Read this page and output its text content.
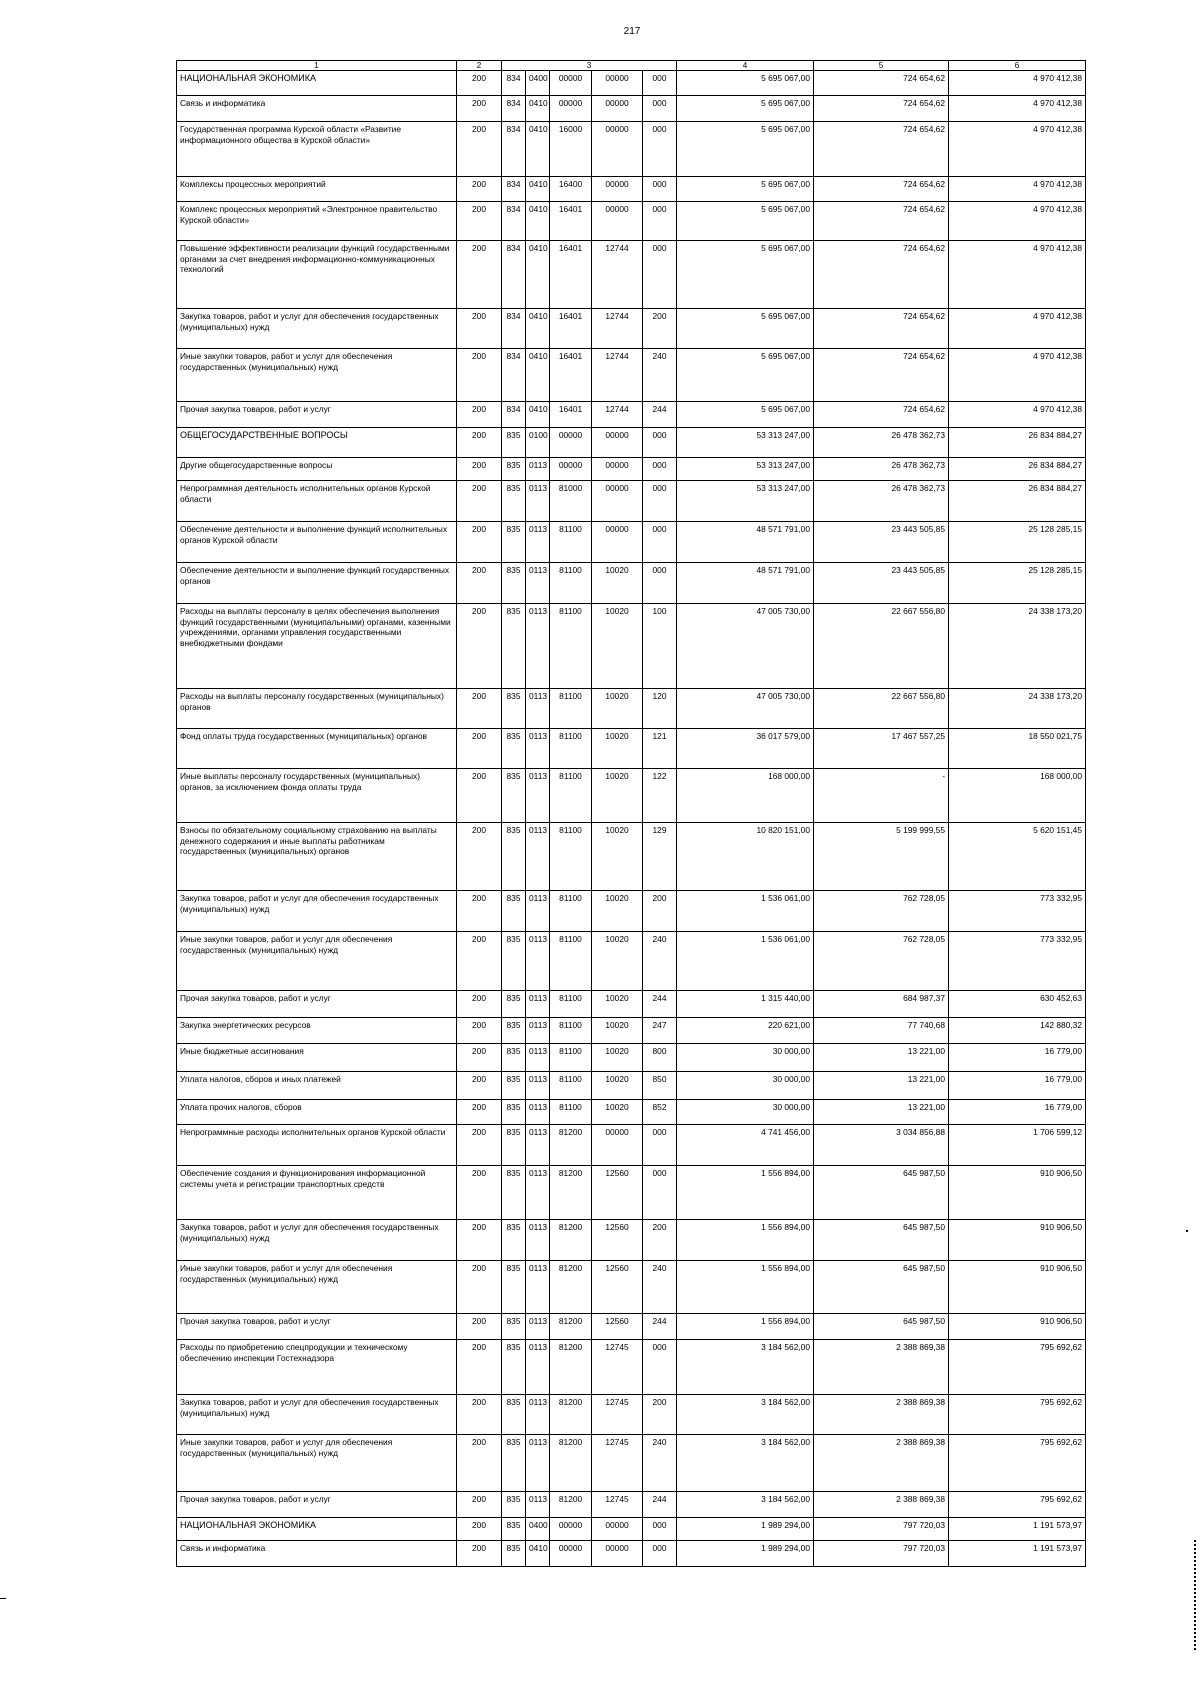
217
1	2	3					4	5	6
НАЦИОНАЛЬНАЯ ЭКОНОМИКА	200	834	0400	00000	00000	000	5 695 067,00	724 654,62	4 970 412,38
Связь и информатика	200	834	0410	00000	00000	000	5 695 067,00	724 654,62	4 970 412,38
Государственная программа Курской области «Развитие информационного общества в Курской области»	200	834	0410	16000	00000	000	5 695 067,00	724 654,62	4 970 412,38
Комплексы процессных мероприятий	200	834	0410	16400	00000	000	5 695 067,00	724 654,62	4 970 412,38
Комплекс процессных мероприятий «Электронное правительство Курской области»	200	834	0410	16401	00000	000	5 695 067,00	724 654,62	4 970 412,38
Повышение эффективности реализации функций государственными органами за счет внедрения информационно-коммуникационных технологий	200	834	0410	16401	12744	000	5 695 067,00	724 654,62	4 970 412,38
Закупка товаров, работ и услуг для обеспечения государственных (муниципальных) нужд	200	834	0410	16401	12744	200	5 695 067,00	724 654,62	4 970 412,38
Иные закупки товаров, работ и услуг для обеспечения государственных (муниципальных) нужд	200	834	0410	16401	12744	240	5 695 067,00	724 654,62	4 970 412,38
Прочая закупка товаров, работ и услуг	200	834	0410	16401	12744	244	5 695 067,00	724 654,62	4 970 412,38
ОБЩЕГОСУДАРСТВЕННЫЕ ВОПРОСЫ	200	835	0100	00000	00000	000	53 313 247,00	26 478 362,73	26 834 884,27
Другие общегосударственные вопросы	200	835	0113	00000	00000	000	53 313 247,00	26 478 362,73	26 834 884,27
Непрограммная деятельность исполнительных органов Курской области	200	835	0113	81000	00000	000	53 313 247,00	26 478 362,73	26 834 884,27
Обеспечение деятельности и выполнение функций исполнительных органов Курской области	200	835	0113	81100	00000	000	48 571 791,00	23 443 505,85	25 128 285,15
Обеспечение деятельности и выполнение функций государственных органов	200	835	0113	81100	10020	000	48 571 791,00	23 443 505,85	25 128 285,15
Расходы на выплаты персоналу в целях обеспечения выполнения функций государственными (муниципальными) органами, казенными учреждениями, органами управления государственными внебюджетными фондами	200	835	0113	81100	10020	100	47 005 730,00	22 667 556,80	24 338 173,20
Расходы на выплаты персоналу государственных (муниципальных) органов	200	835	0113	81100	10020	120	47 005 730,00	22 667 556,80	24 338 173,20
Фонд оплаты труда государственных (муниципальных) органов	200	835	0113	81100	10020	121	36 017 579,00	17 467 557,25	18 550 021,75
Иные выплаты персоналу государственных (муниципальных) органов, за исключением фонда оплаты труда	200	835	0113	81100	10020	122	168 000,00	-	168 000,00
Взносы по обязательному социальному страхованию на выплаты денежного содержания и иные выплаты работникам государственных (муниципальных) органов	200	835	0113	81100	10020	129	10 820 151,00	5 199 999,55	5 620 151,45
Закупка товаров, работ и услуг для обеспечения государственных (муниципальных) нужд	200	835	0113	81100	10020	200	1 536 061,00	762 728,05	773 332,95
Иные закупки товаров, работ и услуг для обеспечения государственных (муниципальных) нужд	200	835	0113	81100	10020	240	1 536 061,00	762 728,05	773 332,95
Прочая закупка товаров, работ и услуг	200	835	0113	81100	10020	244	1 315 440,00	684 987,37	630 452,63
Закупка энергетических ресурсов	200	835	0113	81100	10020	247	220 621,00	77 740,68	142 880,32
Иные бюджетные ассигнования	200	835	0113	81100	10020	800	30 000,00	13 221,00	16 779,00
Уплата налогов, сборов и иных платежей	200	835	0113	81100	10020	850	30 000,00	13 221,00	16 779,00
Уплата прочих налогов, сборов	200	835	0113	81100	10020	852	30 000,00	13 221,00	16 779,00
Непрограммные расходы исполнительных органов Курской области	200	835	0113	81200	00000	000	4 741 456,00	3 034 856,88	1 706 599,12
Обеспечение создания и функционирования информационной системы учета и регистрации транспортных средств	200	835	0113	81200	12560	000	1 556 894,00	645 987,50	910 906,50
Закупка товаров, работ и услуг для обеспечения государственных (муниципальных) нужд	200	835	0113	81200	12560	200	1 556 894,00	645 987,50	910 906,50
Иные закупки товаров, работ и услуг для обеспечения государственных (муниципальных) нужд	200	835	0113	81200	12560	240	1 556 894,00	645 987,50	910 906,50
Прочая закупка товаров, работ и услуг	200	835	0113	81200	12560	244	1 556 894,00	645 987,50	910 906,50
Расходы по приобретению спецпродукции и техническому обеспечению инспекции Гостехнадзора	200	835	0113	81200	12745	000	3 184 562,00	2 388 869,38	795 692,62
Закупка товаров, работ и услуг для обеспечения государственных (муниципальных) нужд	200	835	0113	81200	12745	200	3 184 562,00	2 388 869,38	795 692,62
Иные закупки товаров, работ и услуг для обеспечения государственных (муниципальных) нужд	200	835	0113	81200	12745	240	3 184 562,00	2 388 869,38	795 692,62
Прочая закупка товаров, работ и услуг	200	835	0113	81200	12745	244	3 184 562,00	2 388 869,38	795 692,62
НАЦИОНАЛЬНАЯ ЭКОНОМИКА	200	835	0400	00000	00000	000	1 989 294,00	797 720,03	1 191 573,97
Связь и информатика	200	835	0410	00000	00000	000	1 989 294,00	797 720,03	1 191 573,97
